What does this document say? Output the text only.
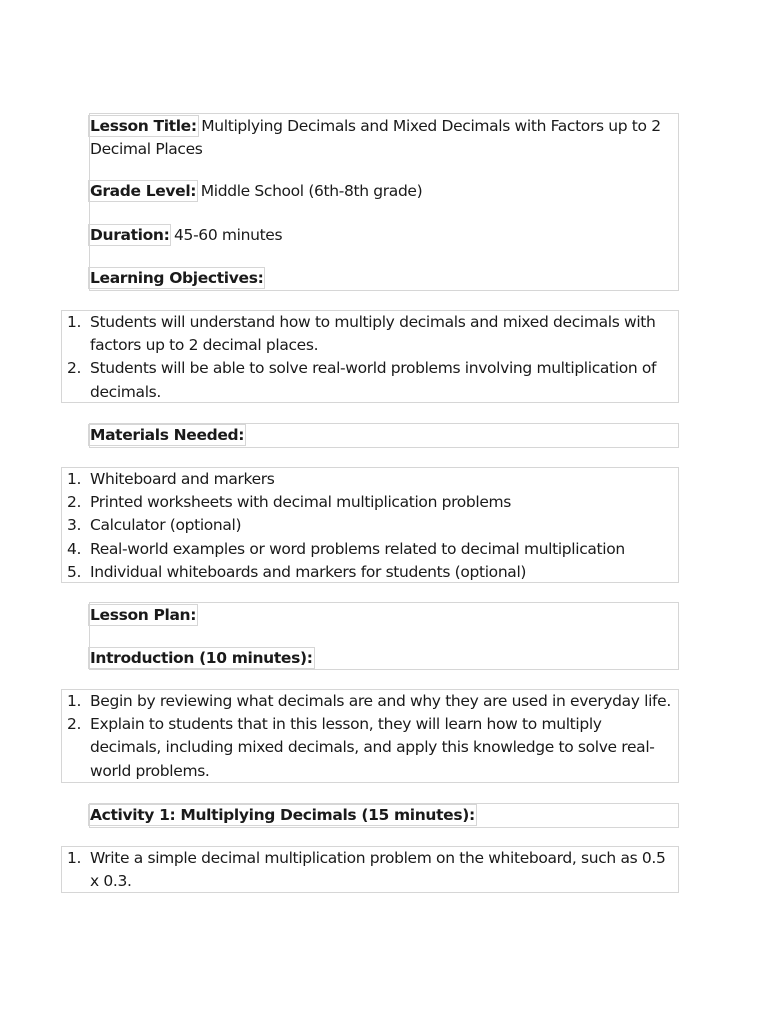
Lesson Title: Multiplying Decimals and Mixed Decimals with Factors up to 2 Decimal Places

Grade Level: Middle School (6th-8th grade)

Duration: 45-60 minutes

Learning Objectives:

1. Students will understand how to multiply decimals and mixed decimals with factors up to 2 decimal places.
2. Students will be able to solve real-world problems involving multiplication of decimals.

Materials Needed:

1. Whiteboard and markers
2. Printed worksheets with decimal multiplication problems
3. Calculator (optional)
4. Real-world examples or word problems related to decimal multiplication
5. Individual whiteboards and markers for students (optional)

Lesson Plan:

Introduction (10 minutes):

1. Begin by reviewing what decimals are and why they are used in everyday life.
2. Explain to students that in this lesson, they will learn how to multiply decimals, including mixed decimals, and apply this knowledge to solve real-world problems.

Activity 1: Multiplying Decimals (15 minutes):

1. Write a simple decimal multiplication problem on the whiteboard, such as 0.5 x 0.3.
